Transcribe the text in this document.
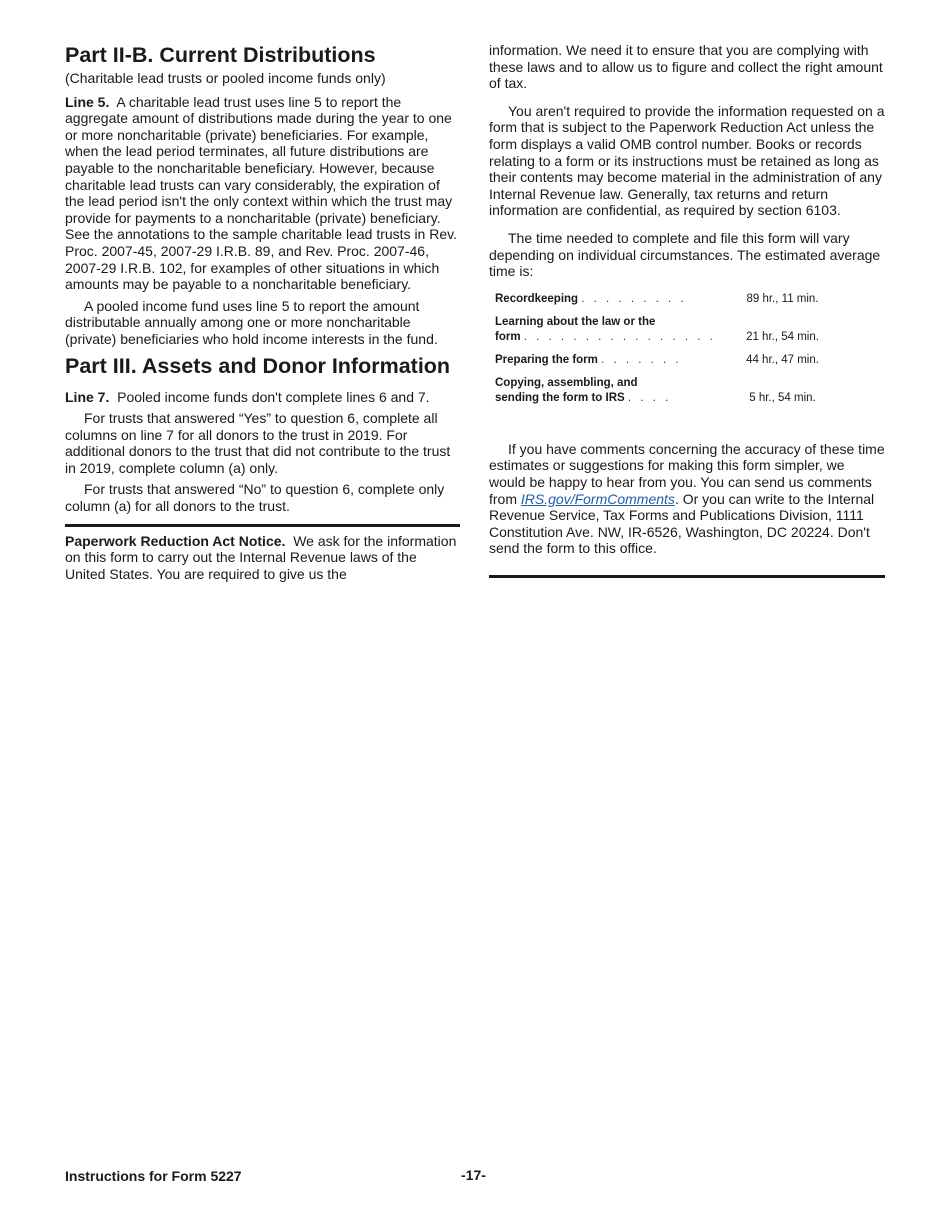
Part II-B. Current Distributions

(Charitable lead trusts or pooled income funds only)

Line 5. A charitable lead trust uses line 5 to report the aggregate amount of distributions made during the year to one or more noncharitable (private) beneficiaries. For example, when the lead period terminates, all future distributions are payable to the noncharitable beneficiary. However, because charitable lead trusts can vary considerably, the expiration of the lead period isn't the only context within which the trust may provide for payments to a noncharitable (private) beneficiary. See the annotations to the sample charitable lead trusts in Rev. Proc. 2007-45, 2007-29 I.R.B. 89, and Rev. Proc. 2007-46, 2007-29 I.R.B. 102, for examples of other situations in which amounts may be payable to a noncharitable beneficiary.

A pooled income fund uses line 5 to report the amount distributable annually among one or more noncharitable (private) beneficiaries who hold income interests in the fund.

Part III. Assets and Donor Information

Line 7. Pooled income funds don't complete lines 6 and 7.

For trusts that answered “Yes” to question 6, complete all columns on line 7 for all donors to the trust in 2019. For additional donors to the trust that did not contribute to the trust in 2019, complete column (a) only.

For trusts that answered “No” to question 6, complete only column (a) for all donors to the trust.

Paperwork Reduction Act Notice. We ask for the information on this form to carry out the Internal Revenue laws of the United States. You are required to give us the

information. We need it to ensure that you are complying with these laws and to allow us to figure and collect the right amount of tax.

You aren't required to provide the information requested on a form that is subject to the Paperwork Reduction Act unless the form displays a valid OMB control number. Books or records relating to a form or its instructions must be retained as long as their contents may become material in the administration of any Internal Revenue law. Generally, tax returns and return information are confidential, as required by section 6103.

The time needed to complete and file this form will vary depending on individual circumstances. The estimated average time is:

Recordkeeping . . . . . . . . .	89 hr., 11 min.
Learning about the law or the
form . . . . . . . . . . . . . . . .	21 hr., 54 min.
Preparing the form . . . . . . .	44 hr., 47 min.
Copying, assembling, and
sending the form to IRS . . . .	5 hr., 54 min.

If you have comments concerning the accuracy of these time estimates or suggestions for making this form simpler, we would be happy to hear from you. You can send us comments from IRS.gov/FormComments. Or you can write to the Internal Revenue Service, Tax Forms and Publications Division, 1111 Constitution Ave. NW, IR-6526, Washington, DC 20224. Don't send the form to this office.

Instructions for Form 5227	-17-
